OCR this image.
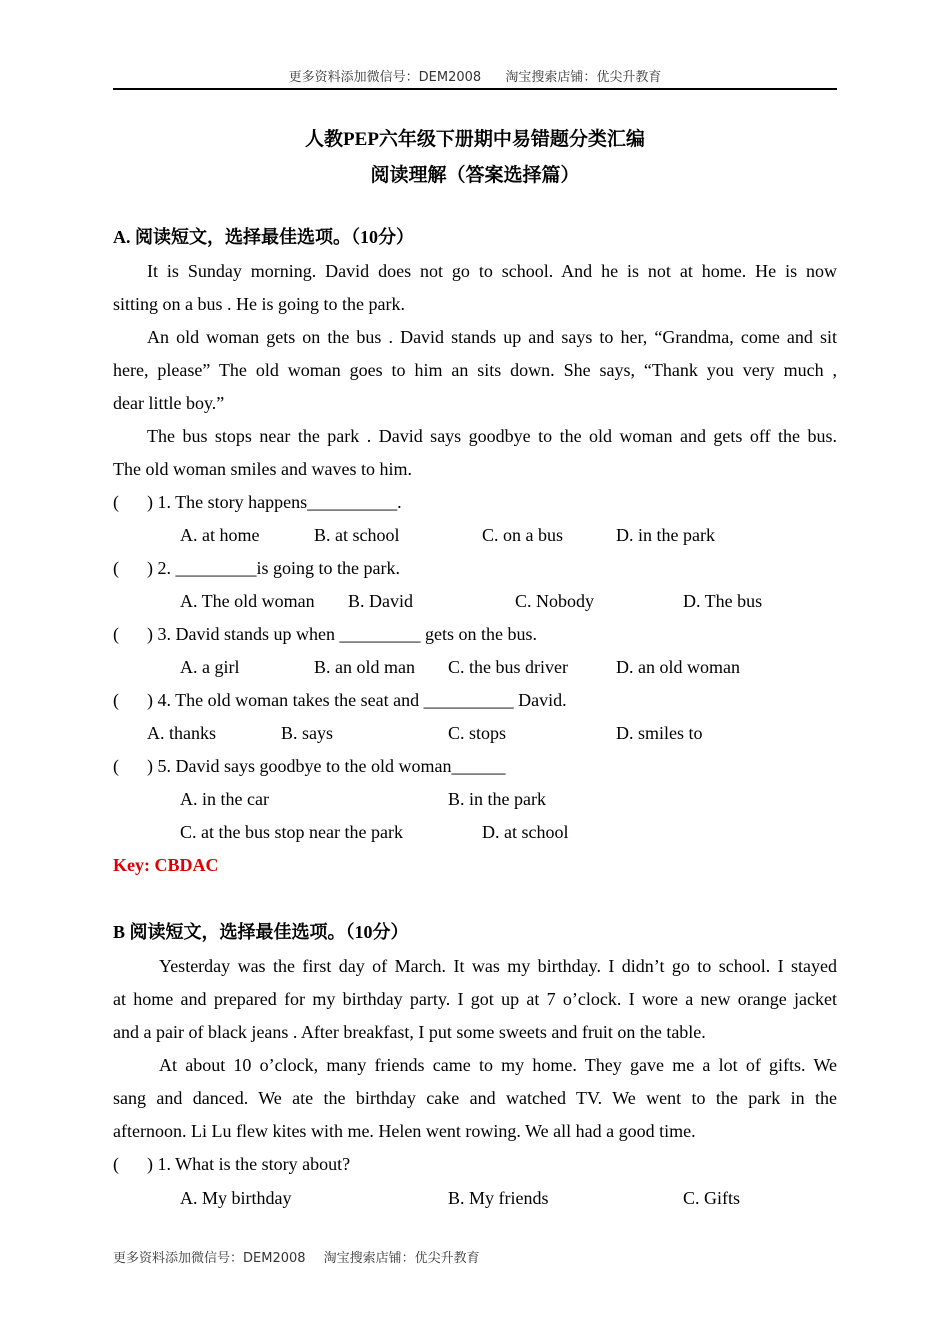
更多资料添加微信号：DEM2008 淘宝搜索店铺：优尖升教育
人教PEP六年级下册期中易错题分类汇编
阅读理解（答案选择篇）
A. 阅读短文，选择最佳选项。（10分）
It is Sunday morning. David does not go to school. And he is not at home. He is now
sitting on a bus . He is going to the park.
An old woman gets on the bus . David stands up and says to her, “Grandma, come and sit
here, please” The old woman goes to him an sits down. She says, “Thank you very much ,
dear little boy.”
The bus stops near the park . David says goodbye to the old woman and gets off the bus.
The old woman smiles and waves to him.
( ) 1. The story happens__________.
A. at home	B. at school	C. on a bus	D. in the park
( ) 2. _________is going to the park.
A. The old woman B. David	C. Nobody	D. The bus
( ) 3. David stands up when _________ gets on the bus.
A. a girl	B. an old man C. the bus driver	D. an old woman
( ) 4. The old woman takes the seat and __________ David.
A. thanks	B. says	C. stops	D. smiles to
( ) 5. David says goodbye to the old woman______
A. in the car	B. in the park
C. at the bus stop near the park	D. at school
Key: CBDAC
B 阅读短文，选择最佳选项。（10分）
Yesterday was the first day of March. It was my birthday. I didn’t go to school. I stayed
at home and prepared for my birthday party. I got up at 7 o’clock. I wore a new orange jacket
and a pair of black jeans . After breakfast, I put some sweets and fruit on the table.
At about 10 o’clock, many friends came to my home. They gave me a lot of gifts. We
sang and danced. We ate the birthday cake and watched TV. We went to the park in the
afternoon. Li Lu flew kites with me. Helen went rowing. We all had a good time.
( ) 1. What is the story about?
A. My birthday	B. My friends	C. Gifts
更多资料添加微信号：DEM2008 淘宝搜索店铺：优尖升教育
